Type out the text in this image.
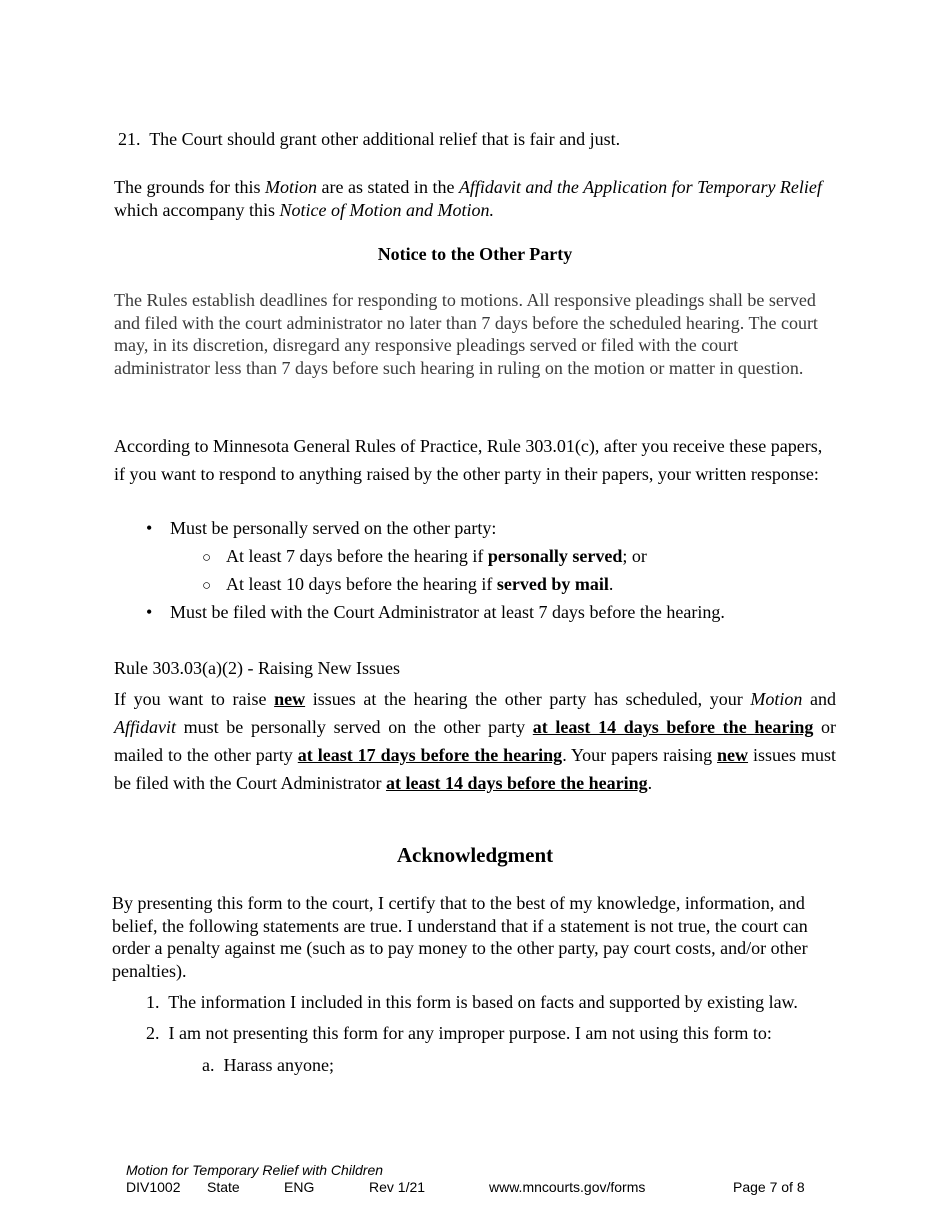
21. The Court should grant other additional relief that is fair and just.

The grounds for this Motion are as stated in the Affidavit and the Application for Temporary Relief which accompany this Notice of Motion and Motion.

Notice to the Other Party

The Rules establish deadlines for responding to motions. All responsive pleadings shall be served and filed with the court administrator no later than 7 days before the scheduled hearing. The court may, in its discretion, disregard any responsive pleadings served or filed with the court administrator less than 7 days before such hearing in ruling on the motion or matter in question.

According to Minnesota General Rules of Practice, Rule 303.01(c), after you receive these papers, if you want to respond to anything raised by the other party in their papers, your written response:

• Must be personally served on the other party:
○ At least 7 days before the hearing if personally served; or
○ At least 10 days before the hearing if served by mail.
• Must be filed with the Court Administrator at least 7 days before the hearing.
Rule 303.03(a)(2) - Raising New Issues

If you want to raise new issues at the hearing the other party has scheduled, your Motion and Affidavit must be personally served on the other party at least 14 days before the hearing or mailed to the other party at least 17 days before the hearing. Your papers raising new issues must be filed with the Court Administrator at least 14 days before the hearing.

Acknowledgment

By presenting this form to the court, I certify that to the best of my knowledge, information, and belief, the following statements are true. I understand that if a statement is not true, the court can order a penalty against me (such as to pay money to the other party, pay court costs, and/or other penalties).

1. The information I included in this form is based on facts and supported by existing law.
2. I am not presenting this form for any improper purpose. I am not using this form to:
a. Harass anyone;
Motion for Temporary Relief with Children
DIV1002 State	ENG	Rev 1/21	www.mncourts.gov/forms	Page 7 of 8
